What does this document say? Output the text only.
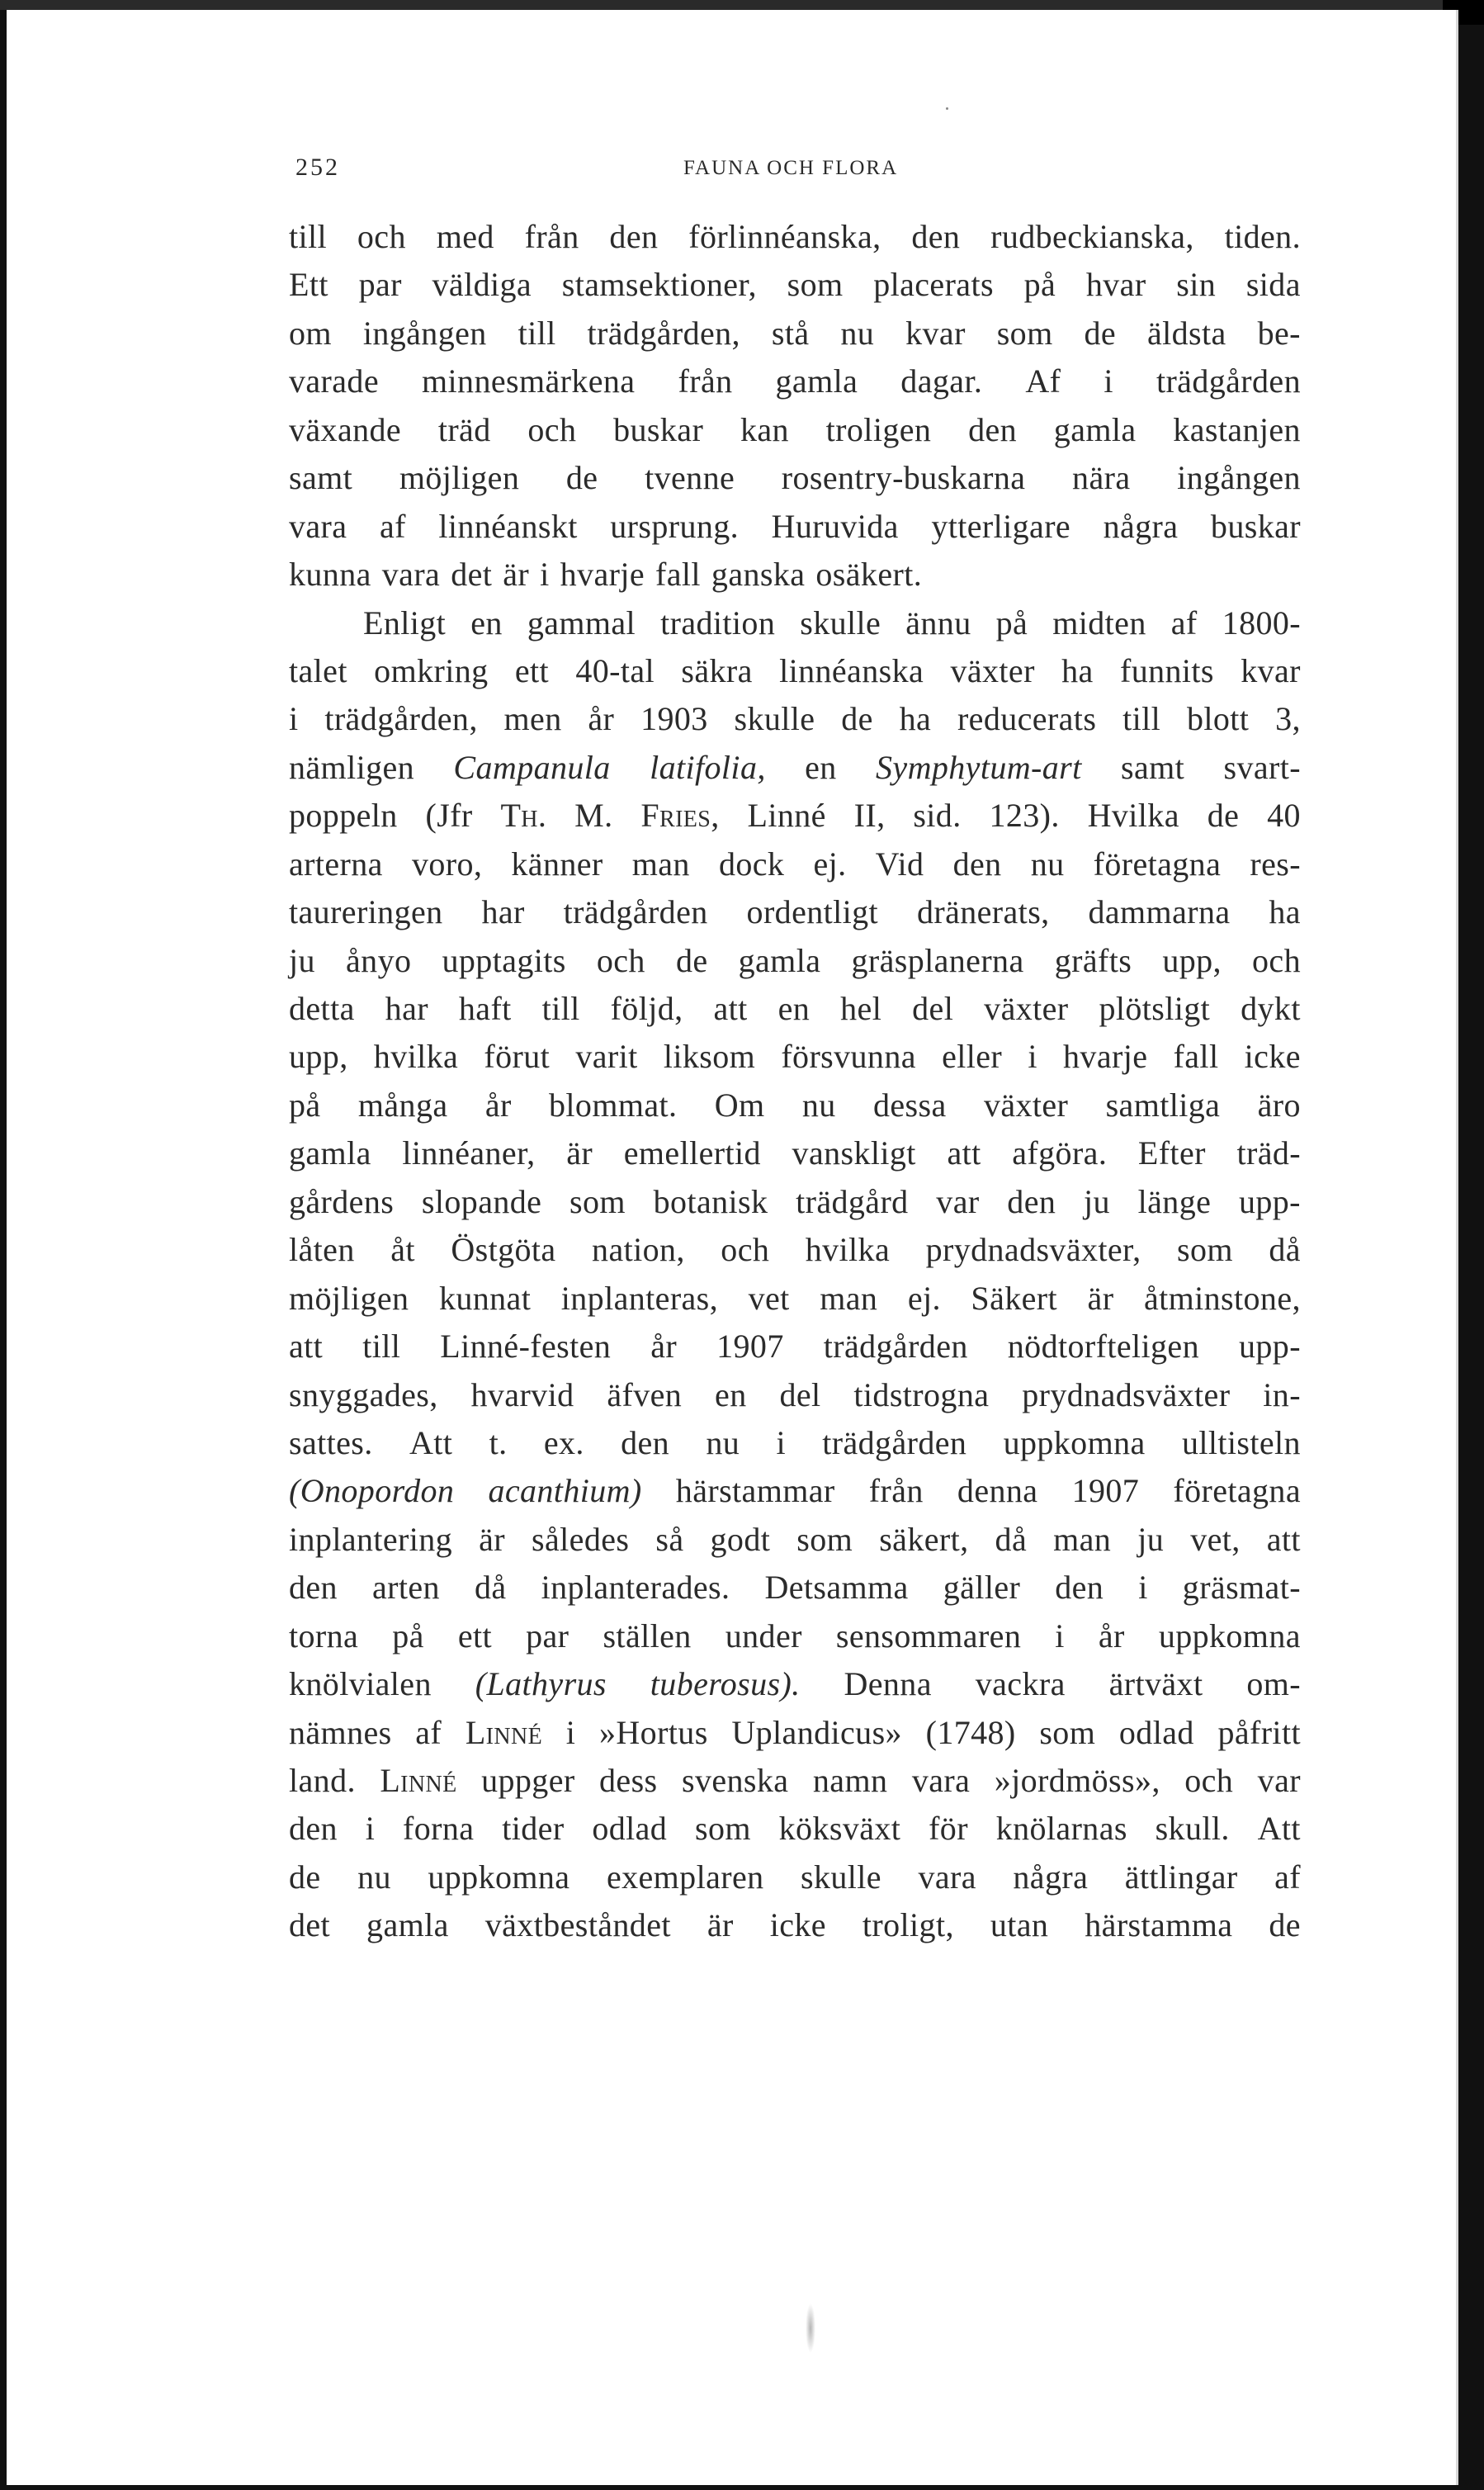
252	FAUNA OCH FLORA
till och med från den förlinnéanska, den rudbeckianska, tiden.
Ett par väldiga stamsektioner, som placerats på hvar sin sida
om ingången till trädgården, stå nu kvar som de äldsta be-
varade minnesmärkena från gamla dagar. Af i trädgården
växande träd och buskar kan troligen den gamla kastanjen
samt möjligen de tvenne rosentry-buskarna nära ingången
vara af linnéanskt ursprung. Huruvida ytterligare några buskar
kunna vara det är i hvarje fall ganska osäkert.
Enligt en gammal tradition skulle ännu på midten af 1800-
talet omkring ett 40-tal säkra linnéanska växter ha funnits kvar
i trädgården, men år 1903 skulle de ha reducerats till blott 3,
nämligen Campanula latifolia, en Symphytum-art samt svart-
poppeln (Jfr Th. M. Fries, Linné II, sid. 123). Hvilka de 40
arterna voro, känner man dock ej. Vid den nu företagna res-
taureringen har trädgården ordentligt dränerats, dammarna ha
ju ånyo upptagits och de gamla gräsplanerna gräfts upp, och
detta har haft till följd, att en hel del växter plötsligt dykt
upp, hvilka förut varit liksom försvunna eller i hvarje fall icke
på många år blommat. Om nu dessa växter samtliga äro
gamla linnéaner, är emellertid vanskligt att afgöra. Efter träd-
gårdens slopande som botanisk trädgård var den ju länge upp-
låten åt Östgöta nation, och hvilka prydnadsväxter, som då
möjligen kunnat inplanteras, vet man ej. Säkert är åtminstone,
att till Linné-festen år 1907 trädgården nödtorfteligen upp-
snyggades, hvarvid äfven en del tidstrogna prydnadsväxter in-
sattes. Att t. ex. den nu i trädgården uppkomna ulltisteln
(Onopordon acanthium) härstammar från denna 1907 företagna
inplantering är således så godt som säkert, då man ju vet, att
den arten då inplanterades. Detsamma gäller den i gräsmat-
torna på ett par ställen under sensommaren i år uppkomna
knölvialen (Lathyrus tuberosus). Denna vackra ärtväxt om-
nämnes af Linné i »Hortus Uplandicus» (1748) som odlad påfritt
land. Linné uppger dess svenska namn vara »jordmöss», och var
den i forna tider odlad som köksväxt för knölarnas skull. Att
de nu uppkomna exemplaren skulle vara några ättlingar af
det gamla växtbeståndet är icke troligt, utan härstamma de
